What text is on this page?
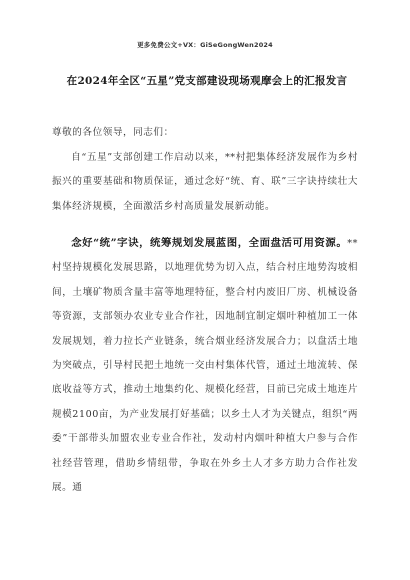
更多免费公文+VX：GiSeGongWen2024
在2024年全区“五星”党支部建设现场观摩会上的汇报发言
尊敬的各位领导，同志们：
自“五星”支部创建工作启动以来，**村把集体经济发展作为乡村振兴的重要基础和物质保证，通过念好“统、育、联”三字诀持续壮大集体经济规模，全面激活乡村高质量发展新动能。
念好“统”字诀，统筹规划发展蓝图，全面盘活可用资源。**村坚持规模化发展思路，以地理优势为切入点，结合村庄地势沟坡相间，土壤矿物质含量丰富等地理特征，整合村内废旧厂房、机械设备等资源，支部领办农业专业合作社，因地制宜制定烟叶种植加工一体发展规划，着力拉长产业链条，统合烟业经济发展合力；以盘活土地为突破点，引导村民把土地统一交由村集体代管，通过土地流转、保底收益等方式，推动土地集约化、规模化经营，目前已完成土地连片规模2100亩，为产业发展打好基础；以乡土人才为关键点，组织“两委”干部带头加盟农业专业合作社，发动村内烟叶种植大户参与合作社经营管理，借助乡情纽带，争取在外乡土人才多方助力合作社发展。通
